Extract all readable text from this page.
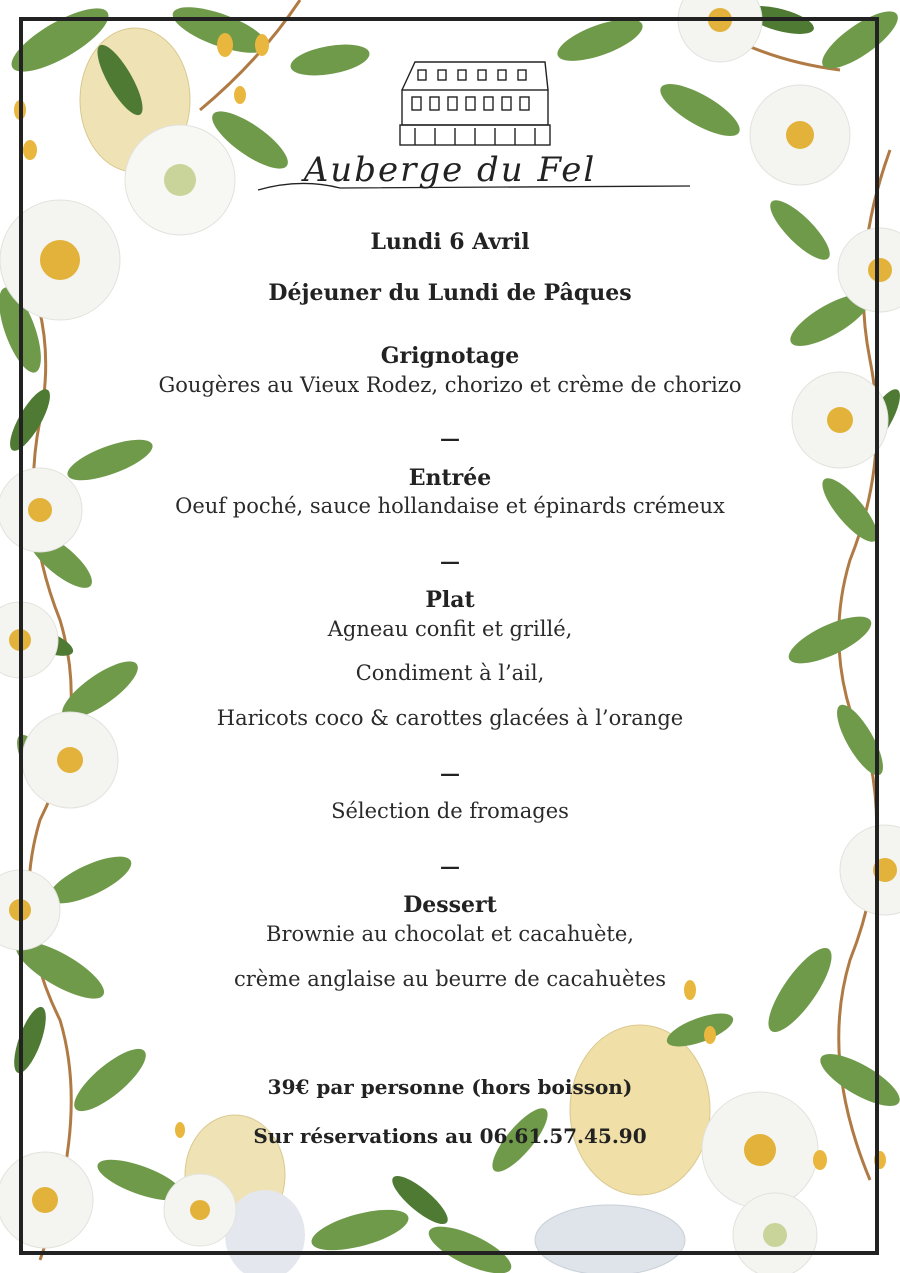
Auberge du Fel
Lundi 6 Avril
Déjeuner du Lundi de Pâques
Grignotage
Gougères au Vieux Rodez, chorizo et crème de chorizo
—
Entrée
Oeuf poché, sauce hollandaise et épinards crémeux
—
Plat
Agneau confit et grillé,
Condiment à l’ail,
Haricots coco & carottes glacées à l’orange
—
Sélection de fromages
—
Dessert
Brownie au chocolat et cacahuète,
crème anglaise au beurre de cacahuètes
39€ par personne (hors boisson)
Sur réservations au 06.61.57.45.90
